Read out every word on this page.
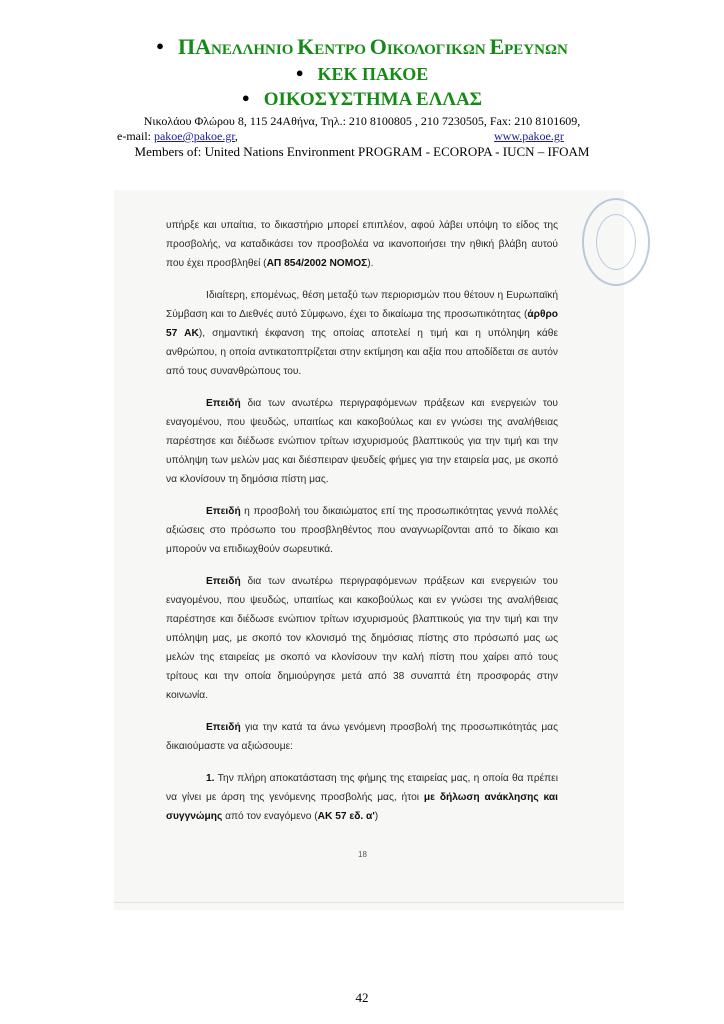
● ΠΑΝΕΛΛΗΝΙΟ ΚΕΝΤΡΟ ΟΙΚΟΛΟΓΙΚΩΝ ΕΡΕΥΝΩΝ
● ΚΕΚ ΠΑΚΟΕ
● ΟΙΚΟΣΥΣΤΗΜΑ ΕΛΛΑΣ
Νικολάου Φλώρου 8, 115 24Αθήνα, Τηλ.: 210 8100805 , 210 7230505, Fax: 210 8101609,
e-mail: pakoe@pakoe.gr,	www.pakoe.gr
Members of: United Nations Environment PROGRAM - ECOROPA - IUCN – IFOAM

υπήρξε και υπαίτια, το δικαστήριο μπορεί επιπλέον, αφού λάβει υπόψη το είδος της προσβολής, να καταδικάσει τον προσβολέα να ικανοποιήσει την ηθική βλάβη αυτού που έχει προσβληθεί (ΑΠ 854/2002 ΝΟΜΟΣ).

Ιδιαίτερη, επομένως, θέση μεταξύ των περιορισμών που θέτουν η Ευρωπαϊκή Σύμβαση και το Διεθνές αυτό Σύμφωνο, έχει το δικαίωμα της προσωπικότητας (άρθρο 57 ΑΚ), σημαντική έκφανση της οποίας αποτελεί η τιμή και η υπόληψη κάθε ανθρώπου, η οποία αντικατοπτρίζεται στην εκτίμηση και αξία που αποδίδεται σε αυτόν από τους συνανθρώπους του.

Επειδή δια των ανωτέρω περιγραφόμενων πράξεων και ενεργειών του εναγομένου, που ψευδώς, υπαιτίως και κακοβούλως και εν γνώσει της αναλήθειας παρέστησε και διέδωσε ενώπιον τρίτων ισχυρισμούς βλαπτικούς για την τιμή και την υπόληψη των μελών μας και διέσπειραν ψευδείς φήμες για την εταιρεία μας, με σκοπό να κλονίσουν τη δημόσια πίστη μας.

Επειδή η προσβολή του δικαιώματος επί της προσωπικότητας γεννά πολλές αξιώσεις στο πρόσωπο του προσβληθέντος που αναγνωρίζονται από το δίκαιο και μπορούν να επιδιωχθούν σωρευτικά.

Επειδή δια των ανωτέρω περιγραφόμενων πράξεων και ενεργειών του εναγομένου, που ψευδώς, υπαιτίως και κακοβούλως και εν γνώσει της αναλήθειας παρέστησε και διέδωσε ενώπιον τρίτων ισχυρισμούς βλαπτικούς για την τιμή και την υπόληψη μας, με σκοπό τον κλονισμό της δημόσιας πίστης στο πρόσωπό μας ως μελών της εταιρείας με σκοπό να κλονίσουν την καλή πίστη που χαίρει από τους τρίτους και την οποία δημιούργησε μετά από 38 συναπτά έτη προσφοράς στην κοινωνία.

Επειδή για την κατά τα άνω γενόμενη προσβολή της προσωπικότητάς μας δικαιούμαστε να αξιώσουμε:

1. Την πλήρη αποκατάσταση της φήμης της εταιρείας μας, η οποία θα πρέπει να γίνει με άρση της γενόμενης προσβολής μας, ήτοι με δήλωση ανάκλησης και συγγνώμης από τον εναγόμενο (ΑΚ 57 εδ. α')

18
42
